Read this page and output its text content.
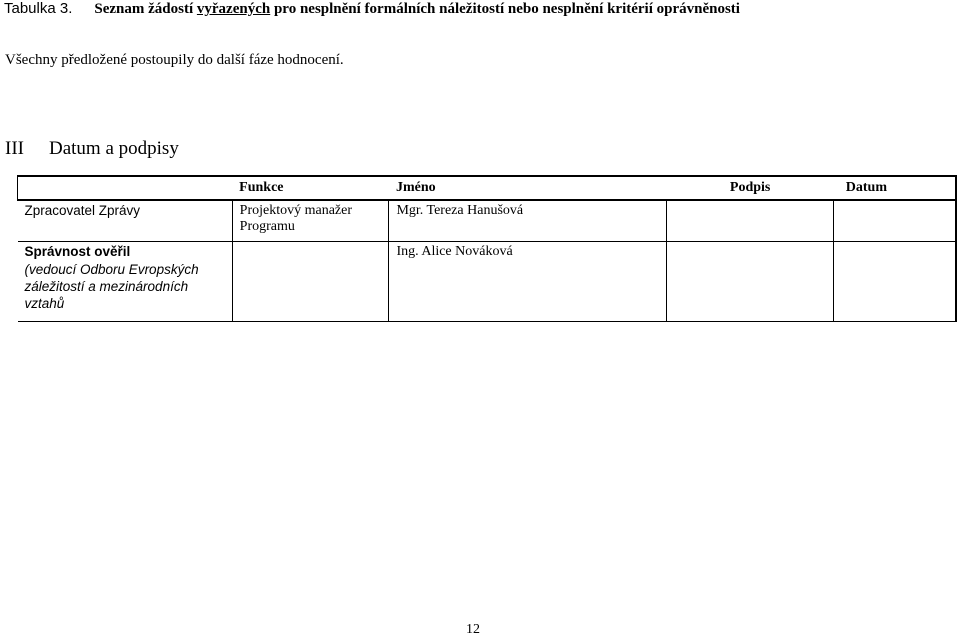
Tabulka 3. Seznam žádostí vyřazených pro nesplnění formálních náležitostí nebo nesplnění kritérií oprávněnosti
Všechny předložené postoupily do další fáze hodnocení.
III Datum a podpisy
	Funkce	Jméno	Podpis	Datum
Zpracovatel Zprávy	Projektový manažer Programu	Mgr. Tereza Hanušová		
Správnost ověřil
(vedoucí Odboru Evropských záležitostí a mezinárodních vztahů		Ing. Alice Nováková		
12
